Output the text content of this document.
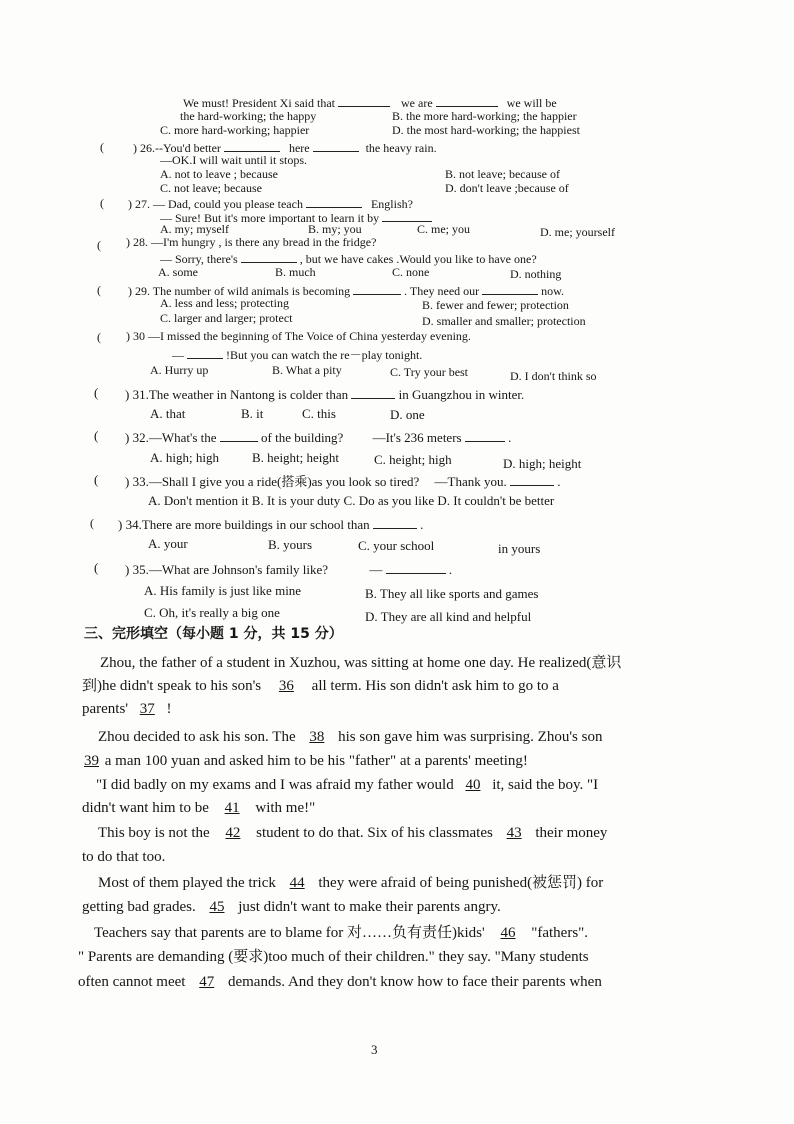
We must! President Xi said that	we are	we will be
the hard-working; the happy	B. the more hard-working; the happier
C. more hard-working; happier	D. the most hard-working; the happiest
( ) 26.--You'd better	here	the heavy rain.
—OK.I will wait until it stops.
A. not to leave ; because	B. not leave; because of
C. not leave; because	D. don't leave ;because of
( ) 27. — Dad, could you please teach	English?
— Sure! But it's more important to learn it by
A. my; myself	B. my; you	C. me; you	D. me; yourself
( ) 28. —I'm hungry , is there any bread in the fridge?
— Sorry, there's	, but we have cakes .Would you like to have one?
A. some	B. much	C. none	D. nothing
( ) 29. The number of wild animals is becoming	. They need our	now.
A. less and less; protecting	B. fewer and fewer; protection
C. larger and larger; protect	D. smaller and smaller; protection
( ) 30 —I missed the beginning of The Voice of China yesterday evening.
—	!But you can watch the re－play tonight.
A. Hurry up	B. What a pity	C. Try your best	D. I don't think so
( ) 31.The weather in Nantong is colder than	in Guangzhou in winter.
A. that	B. it	C. this	D. one
( ) 32.—What's the	of the building? —It's 236 meters	.
A. high; high	B. height; height	C. height; high	D. high; height
( ) 33.—Shall I give you a ride(搭乘)as you look so tired? —Thank you.	.
A. Don't mention it B. It is your duty C. Do as you like D. It couldn't be better
( ) 34.There are more buildings in our school than	.
A. your	B. yours	C. your school	in yours
( ) 35.—What are Johnson's family like?	—	.
A. His family is just like mine	B. They all like sports and games
C. Oh, it's really a big one	D. They are all kind and helpful
三、完形填空（每小题 1 分，共 15 分）
Zhou, the father of a student in Xuzhou, was sitting at home one day. He realized(意识
到)he didn't speak to his son's 36 all term. His son didn't ask him to go to a
parents' 37 !
Zhou decided to ask his son. The 38 his son gave him was surprising. Zhou's son
39 a man 100 yuan and asked him to be his "father" at a parents' meeting!
"I did badly on my exams and I was afraid my father would 40 it, said the boy. "I
didn't want him to be 41 with me!"
This boy is not the 42 student to do that. Six of his classmates 43 their money
to do that too.
Most of them played the trick 44 they were afraid of being punished(被惩罚) for
getting bad grades. 45 just didn't want to make their parents angry.
Teachers say that parents are to blame for 对……负有责任)kids' 46 "fathers".
" Parents are demanding (要求)too much of their children." they say. "Many students
often cannot meet 47 demands. And they don't know how to face their parents when
3
